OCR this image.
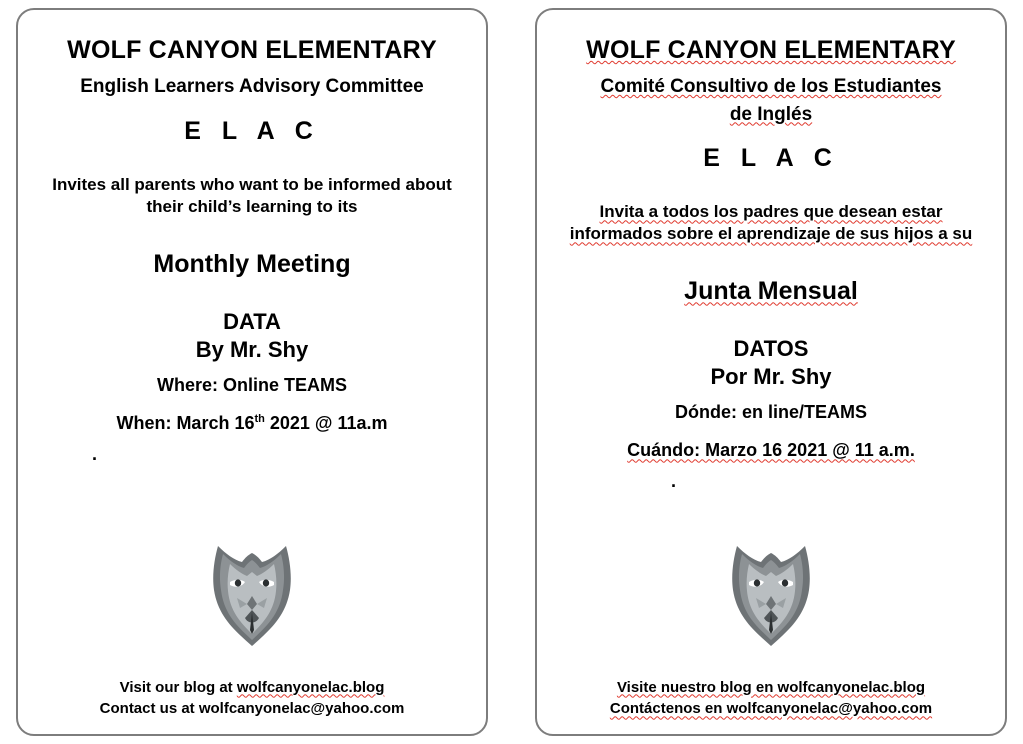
WOLF CANYON ELEMENTARY
English Learners Advisory Committee
E L A C
Invites all parents who want to be informed about their child’s learning to its
Monthly Meeting
DATA
By Mr. Shy
Where: Online TEAMS
When: March 16th 2021 @ 11a.m
.
Visit our blog at wolfcanyonelac.blog
Contact us at wolfcanyonelac@yahoo.com
WOLF CANYON ELEMENTARY
Comité Consultivo de los Estudiantes
de Inglés
E L A C
Invita a todos los padres que desean estar informados sobre el aprendizaje de sus hijos a su
Junta Mensual
DATOS
Por Mr. Shy
Dónde: en line/TEAMS
Cuándo: Marzo 16 2021 @ 11 a.m.
.
Visite nuestro blog en wolfcanyonelac.blog
Contáctenos en wolfcanyonelac@yahoo.com
